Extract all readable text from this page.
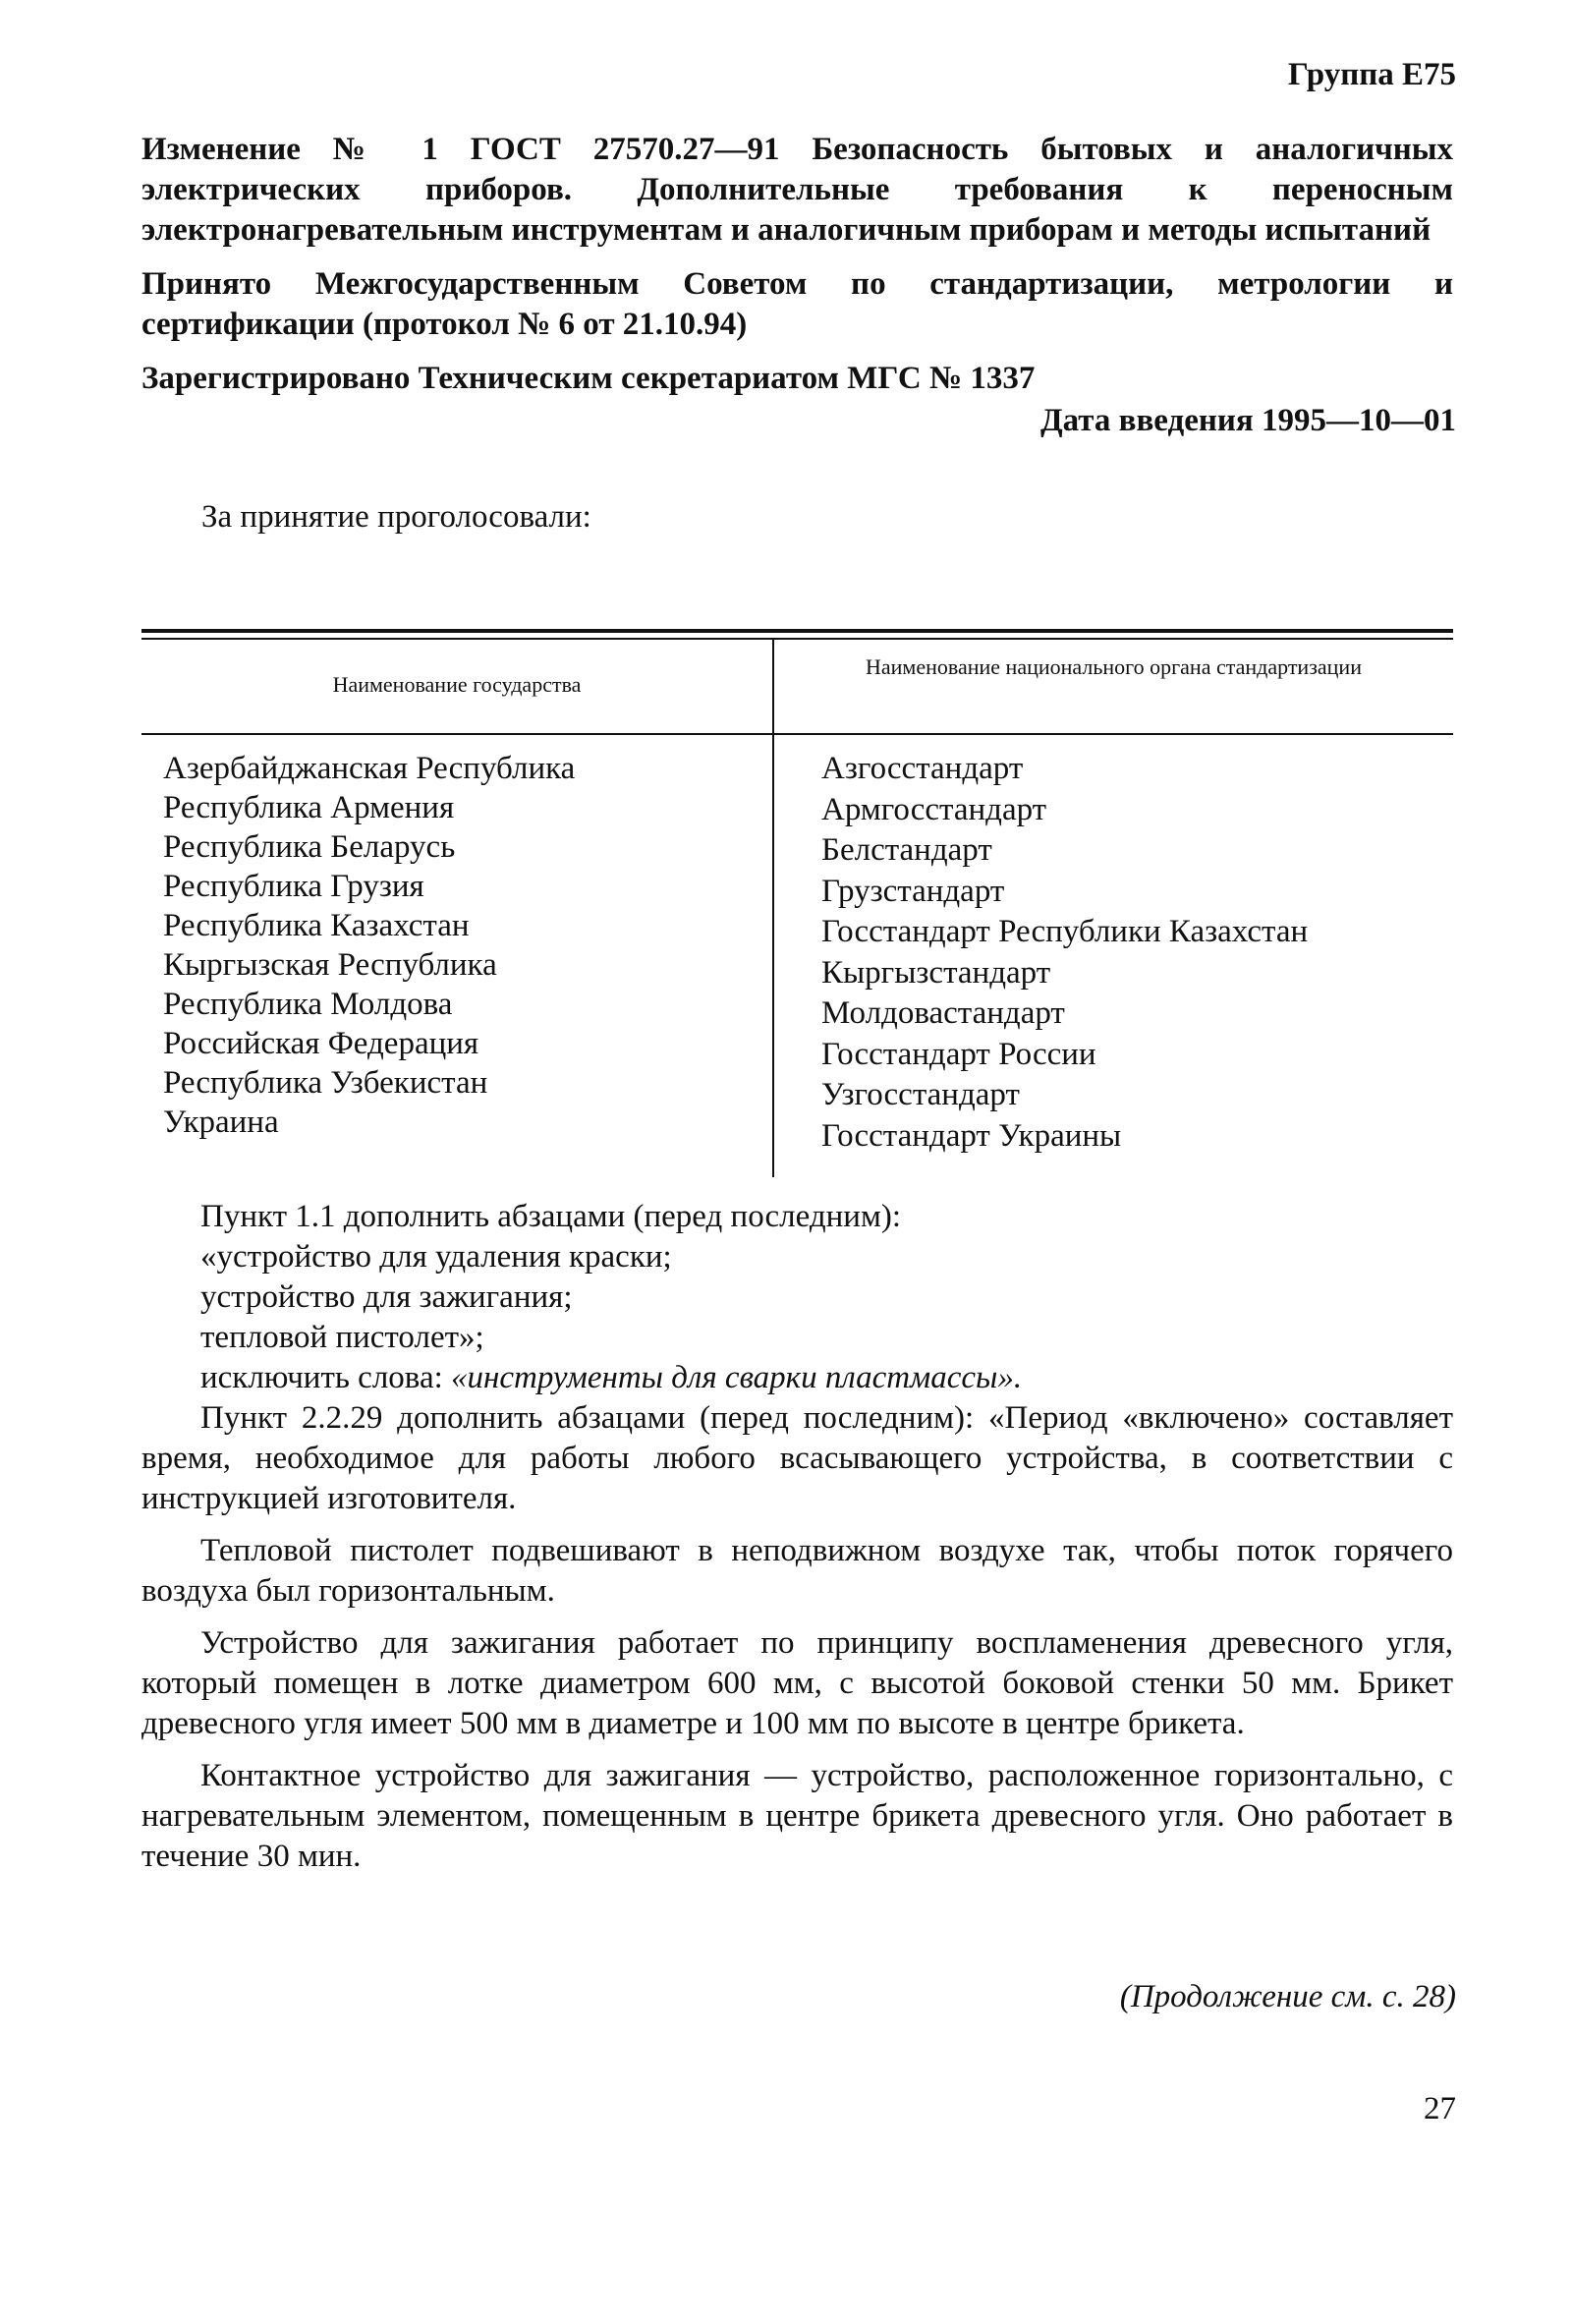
Группа Е75

Изменение № 1 ГОСТ 27570.27—91 Безопасность бытовых и аналогичных электрических приборов. Дополнительные требования к переносным электронагревательным инструментам и аналогичным приборам и методы испытаний

Принято Межгосударственным Советом по стандартизации, метрологии и сертификации (протокол № 6 от 21.10.94)

Зарегистрировано Техническим секретариатом МГС № 1337

Дата введения 1995—10—01
За принятие проголосовали:
Наименование государства
Наименование национального органа стандартизации
Азербайджанская Республика
Республика Армения
Республика Беларусь
Республика Грузия
Республика Казахстан
Кыргызская Республика
Республика Молдова
Российская Федерация
Республика Узбекистан
Украина
Азгосстандарт
Армгосстандарт
Белстандарт
Грузстандарт
Госстандарт Республики Казахстан
Кыргызстандарт
Молдовастандарт
Госстандарт России
Узгосстандарт
Госстандарт Украины

Пункт 1.1 дополнить абзацами (перед последним):

«устройство для удаления краски;

устройство для зажигания;

тепловой пистолет»;

исключить слова: «инструменты для сварки пластмассы».

Пункт 2.2.29 дополнить абзацами (перед последним): «Период «включено» составляет время, необходимое для работы любого всасывающего устройства, в соответствии с инструкцией изготовителя.

Тепловой пистолет подвешивают в неподвижном воздухе так, чтобы поток горячего воздуха был горизонтальным.

Устройство для зажигания работает по принципу воспламенения древесного угля, который помещен в лотке диаметром 600 мм, с высотой боковой стенки 50 мм. Брикет древесного угля имеет 500 мм в диаметре и 100 мм по высоте в центре брикета.

Контактное устройство для зажигания — устройство, расположенное горизонтально, с нагревательным элементом, помещенным в центре брикета древесного угля. Оно работает в течение 30 мин.

(Продолжение см. с. 28)
27
